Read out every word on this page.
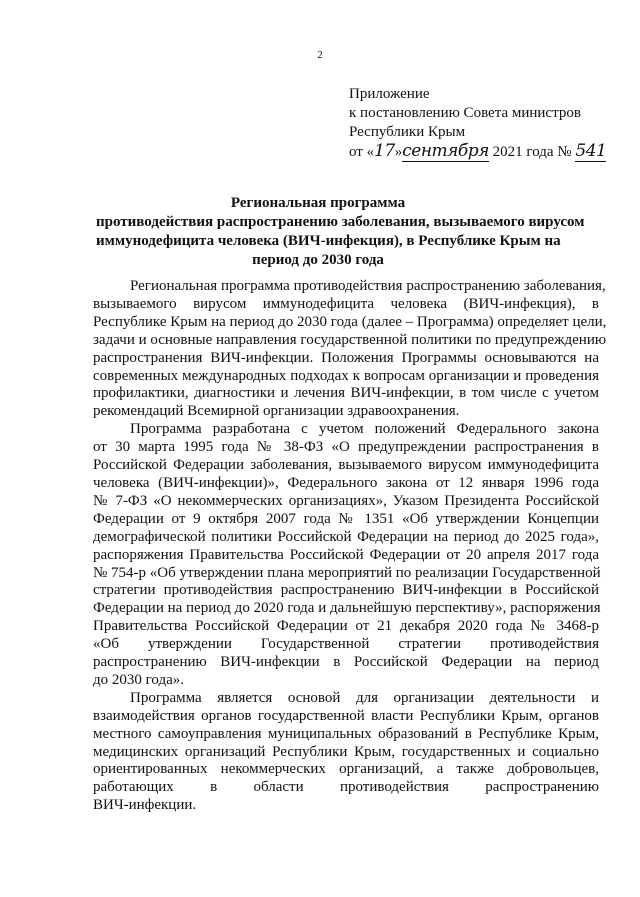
2
Приложение
к постановлению Совета министров
Республики Крым
от «17»сентября 2021 года № 541
Региональная программа
противодействия распространению заболевания, вызываемого вирусом
иммунодефицита человека (ВИЧ-инфекция), в Республике Крым на
период до 2030 года
Региональная программа противодействия распространению заболевания,
вызываемого вирусом иммунодефицита человека (ВИЧ-инфекция), в
Республике Крым на период до 2030 года (далее – Программа) определяет цели,
задачи и основные направления государственной политики по предупреждению
распространения ВИЧ-инфекции. Положения Программы основываются на
современных международных подходах к вопросам организации и проведения
профилактики, диагностики и лечения ВИЧ-инфекции, в том числе с учетом
рекомендаций Всемирной организации здравоохранения.
Программа разработана с учетом положений Федерального закона
от 30 марта 1995 года № 38-ФЗ «О предупреждении распространения в
Российской Федерации заболевания, вызываемого вирусом иммунодефицита
человека (ВИЧ-инфекции)», Федерального закона от 12 января 1996 года
№ 7-ФЗ «О некоммерческих организациях», Указом Президента Российской
Федерации от 9 октября 2007 года № 1351 «Об утверждении Концепции
демографической политики Российской Федерации на период до 2025 года»,
распоряжения Правительства Российской Федерации от 20 апреля 2017 года
№ 754-р «Об утверждении плана мероприятий по реализации Государственной
стратегии противодействия распространению ВИЧ-инфекции в Российской
Федерации на период до 2020 года и дальнейшую перспективу», распоряжения
Правительства Российской Федерации от 21 декабря 2020 года № 3468-р
«Об утверждении Государственной стратегии противодействия
распространению ВИЧ-инфекции в Российской Федерации на период
до 2030 года».
Программа является основой для организации деятельности и
взаимодействия органов государственной власти Республики Крым, органов
местного самоуправления муниципальных образований в Республике Крым,
медицинских организаций Республики Крым, государственных и социально
ориентированных некоммерческих организаций, а также добровольцев,
работающих в области противодействия распространению
ВИЧ-инфекции.
